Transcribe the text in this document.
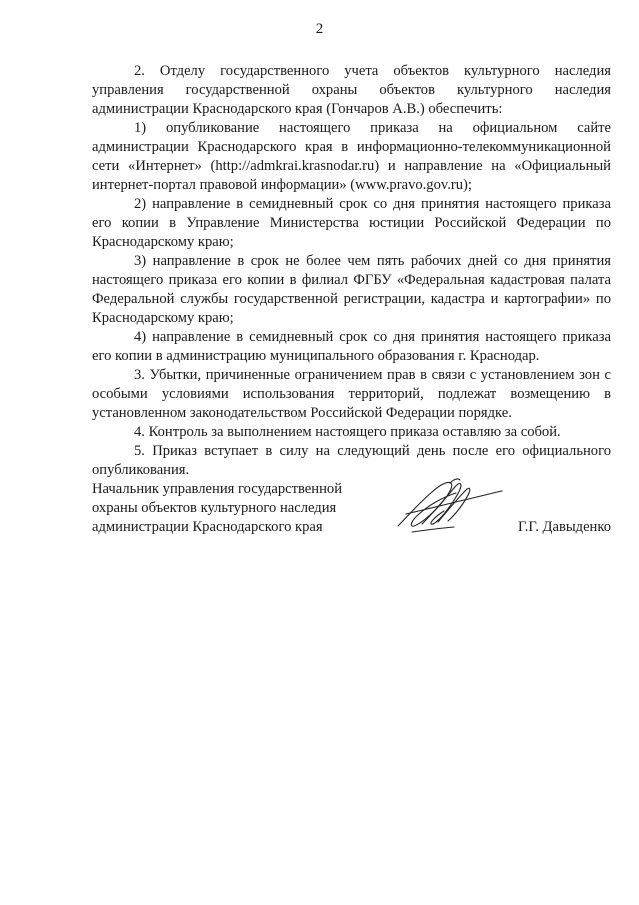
2

2. Отделу государственного учета объектов культурного наследия управления государственной охраны объектов культурного наследия администрации Краснодарского края (Гончаров А.В.) обеспечить:

1) опубликование настоящего приказа на официальном сайте администрации Краснодарского края в информационно-телекоммуникационной сети «Интернет» (http://admkrai.krasnodar.ru) и направление на «Официальный интернет-портал правовой информации» (www.pravo.gov.ru);

2) направление в семидневный срок со дня принятия настоящего приказа его копии в Управление Министерства юстиции Российской Федерации по Краснодарскому краю;

3) направление в срок не более чем пять рабочих дней со дня принятия настоящего приказа его копии в филиал ФГБУ «Федеральная кадастровая палата Федеральной службы государственной регистрации, кадастра и картографии» по Краснодарскому краю;

4) направление в семидневный срок со дня принятия настоящего приказа его копии в администрацию муниципального образования г. Краснодар.

3. Убытки, причиненные ограничением прав в связи с установлением зон с особыми условиями использования территорий, подлежат возмещению в установленном законодательством Российской Федерации порядке.

4. Контроль за выполнением настоящего приказа оставляю за собой.

5. Приказ вступает в силу на следующий день после его официального опубликования.

Начальник управления государственной
охраны объектов культурного наследия
администрации Краснодарского края	Г.Г. Давыденко
